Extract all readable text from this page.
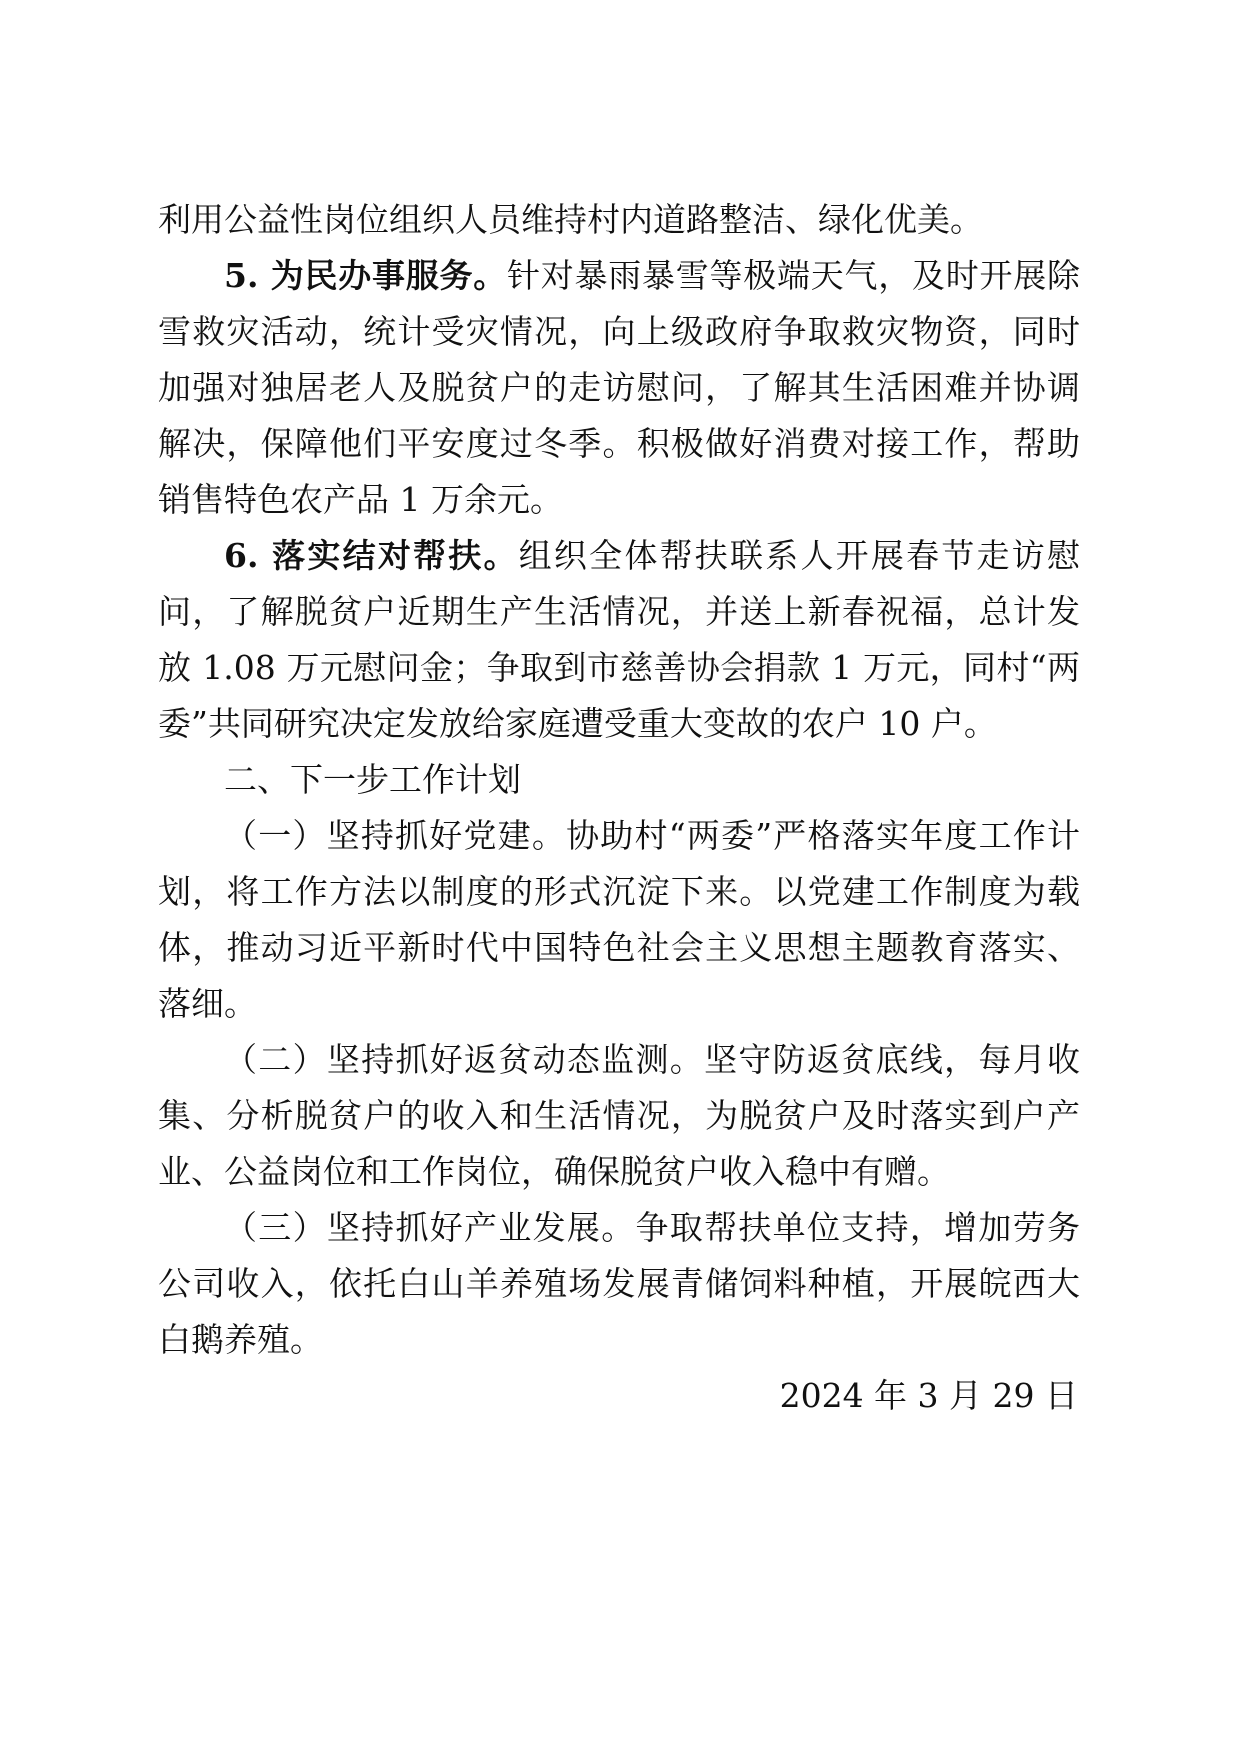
利用公益性岗位组织人员维持村内道路整洁、绿化优美。

5. 为民办事服务。针对暴雨暴雪等极端天气，及时开展除雪救灾活动，统计受灾情况，向上级政府争取救灾物资，同时加强对独居老人及脱贫户的走访慰问，了解其生活困难并协调解决，保障他们平安度过冬季。积极做好消费对接工作，帮助销售特色农产品 1 万余元。

6. 落实结对帮扶。组织全体帮扶联系人开展春节走访慰问，了解脱贫户近期生产生活情况，并送上新春祝福，总计发放 1.08 万元慰问金；争取到市慈善协会捐款 1 万元，同村“两委”共同研究决定发放给家庭遭受重大变故的农户 10 户。

二、下一步工作计划

（一）坚持抓好党建。协助村“两委”严格落实年度工作计划，将工作方法以制度的形式沉淀下来。以党建工作制度为载体，推动习近平新时代中国特色社会主义思想主题教育落实、落细。

（二）坚持抓好返贫动态监测。坚守防返贫底线，每月收集、分析脱贫户的收入和生活情况，为脱贫户及时落实到户产业、公益岗位和工作岗位，确保脱贫户收入稳中有赠。

（三）坚持抓好产业发展。争取帮扶单位支持，增加劳务公司收入，依托白山羊养殖场发展青储饲料种植，开展皖西大白鹅养殖。

2024 年 3 月 29 日
